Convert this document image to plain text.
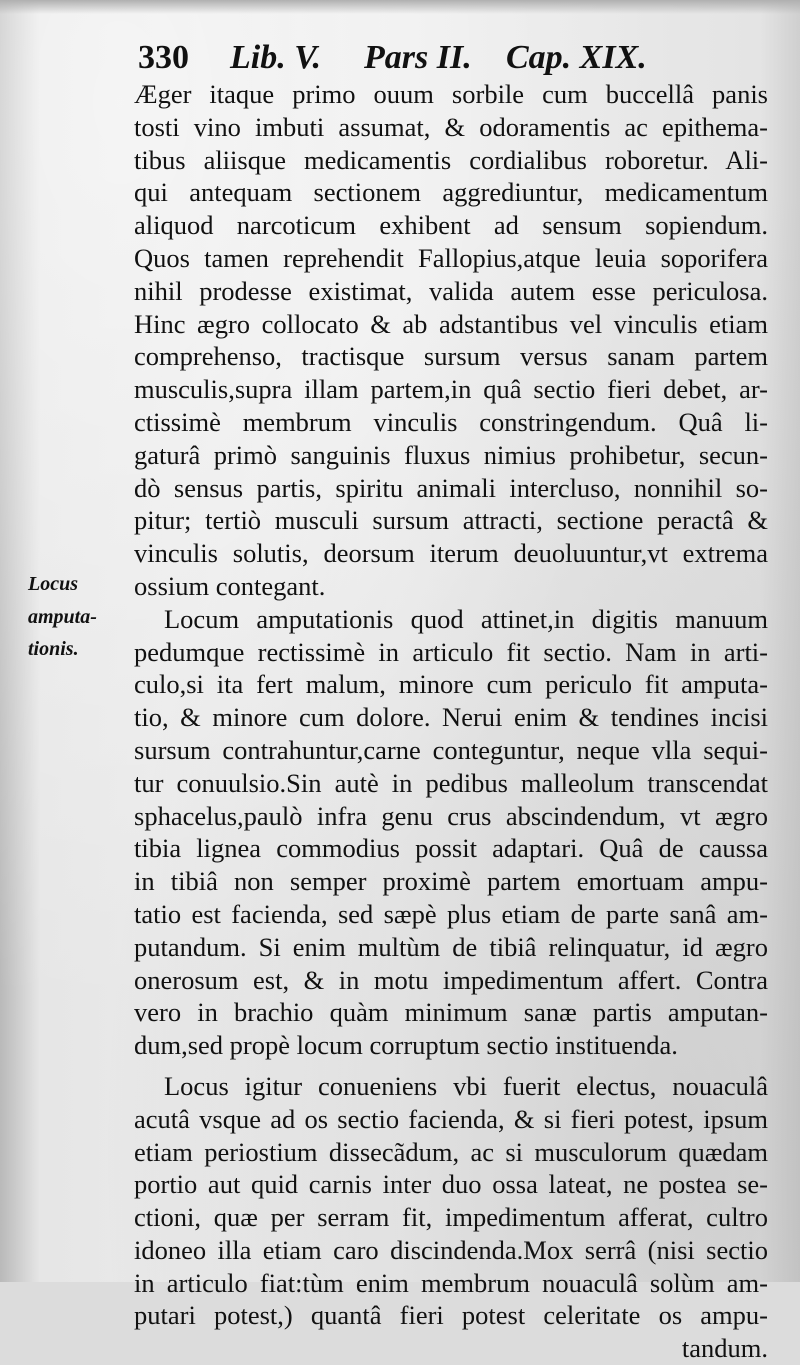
330 Lib. V. Pars II. Cap. XIX.
Locus
amputa-
tionis.
Æger itaque primo ouum sorbile cum buccellâ panis
tosti vino imbuti assumat, & odoramentis ac epithema-
tibus aliisque medicamentis cordialibus roboretur. Ali-
qui antequam sectionem aggrediuntur, medicamentum
aliquod narcoticum exhibent ad sensum sopiendum.
Quos tamen reprehendit Fallopius,atque leuia soporifera
nihil prodesse existimat, valida autem esse periculosa.
Hinc ægro collocato & ab adstantibus vel vinculis etiam
comprehenso, tractisque sursum versus sanam partem
musculis,supra illam partem,in quâ sectio fieri debet, ar-
ctissimè membrum vinculis constringendum. Quâ li-
gaturâ primò sanguinis fluxus nimius prohibetur, secun-
dò sensus partis, spiritu animali intercluso, nonnihil so-
pitur; tertiò musculi sursum attracti, sectione peractâ &
vinculis solutis, deorsum iterum deuoluuntur,vt extrema
ossium contegant.
Locum amputationis quod attinet,in digitis manuum
pedumque rectissimè in articulo fit sectio. Nam in arti-
culo,si ita fert malum, minore cum periculo fit amputa-
tio, & minore cum dolore. Nerui enim & tendines incisi
sursum contrahuntur,carne conteguntur, neque vlla sequi-
tur conuulsio.Sin autè in pedibus malleolum transcendat
sphacelus,paulò infra genu crus abscindendum, vt ægro
tibia lignea commodius possit adaptari. Quâ de caussa
in tibiâ non semper proximè partem emortuam ampu-
tatio est facienda, sed sæpè plus etiam de parte sanâ am-
putandum. Si enim multùm de tibiâ relinquatur, id ægro
onerosum est, & in motu impedimentum affert. Contra
vero in brachio quàm minimum sanæ partis amputan-
dum,sed propè locum corruptum sectio instituenda.
Locus igitur conueniens vbi fuerit electus, nouaculâ
acutâ vsque ad os sectio facienda, & si fieri potest, ipsum
etiam periostium dissecãdum, ac si musculorum quædam
portio aut quid carnis inter duo ossa lateat, ne postea se-
ctioni, quæ per serram fit, impedimentum afferat, cultro
idoneo illa etiam caro discindenda.Mox serrâ (nisi sectio
in articulo fiat:tùm enim membrum nouaculâ solùm am-
putari potest,) quantâ fieri potest celeritate os ampu-
tandum.
